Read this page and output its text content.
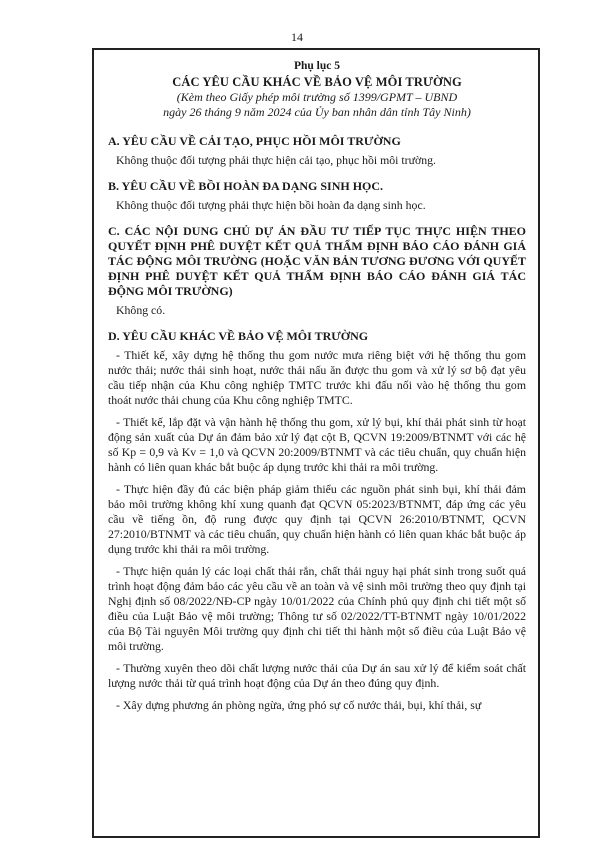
14
Phụ lục 5
CÁC YÊU CẦU KHÁC VỀ BẢO VỆ MÔI TRƯỜNG
(Kèm theo Giấy phép môi trường số 1399/GPMT – UBND
ngày 26 tháng 9 năm 2024 của Ủy ban nhân dân tỉnh Tây Ninh)
A. YÊU CẦU VỀ CẢI TẠO, PHỤC HỒI MÔI TRƯỜNG
Không thuộc đối tượng phải thực hiện cải tạo, phục hồi môi trường.
B. YÊU CẦU VỀ BỒI HOÀN ĐA DẠNG SINH HỌC.
Không thuộc đối tượng phải thực hiện bồi hoàn đa dạng sinh học.
C. CÁC NỘI DUNG CHỦ DỰ ÁN ĐẦU TƯ TIẾP TỤC THỰC HIỆN THEO QUYẾT ĐỊNH PHÊ DUYỆT KẾT QUẢ THẨM ĐỊNH BÁO CÁO ĐÁNH GIÁ TÁC ĐỘNG MÔI TRƯỜNG (HOẶC VĂN BẢN TƯƠNG ĐƯƠNG VỚI QUYẾT ĐỊNH PHÊ DUYỆT KẾT QUẢ THẨM ĐỊNH BÁO CÁO ĐÁNH GIÁ TÁC ĐỘNG MÔI TRƯỜNG)
Không có.
D. YÊU CẦU KHÁC VỀ BẢO VỆ MÔI TRƯỜNG
- Thiết kế, xây dựng hệ thống thu gom nước mưa riêng biệt với hệ thống thu gom nước thải; nước thải sinh hoạt, nước thải nấu ăn được thu gom và xử lý sơ bộ đạt yêu cầu tiếp nhận của Khu công nghiệp TMTC trước khi đấu nối vào hệ thống thu gom thoát nước thải chung của Khu công nghiệp TMTC.
- Thiết kế, lắp đặt và vận hành hệ thống thu gom, xử lý bụi, khí thải phát sinh từ hoạt động sản xuất của Dự án đảm bảo xử lý đạt cột B, QCVN 19:2009/BTNMT với các hệ số Kp = 0,9 và Kv = 1,0 và QCVN 20:2009/BTNMT và các tiêu chuẩn, quy chuẩn hiện hành có liên quan khác bắt buộc áp dụng trước khi thải ra môi trường.
- Thực hiện đầy đủ các biện pháp giảm thiểu các nguồn phát sinh bụi, khí thải đảm bảo môi trường không khí xung quanh đạt QCVN 05:2023/BTNMT, đáp ứng các yêu cầu về tiếng ồn, độ rung được quy định tại QCVN 26:2010/BTNMT, QCVN 27:2010/BTNMT và các tiêu chuẩn, quy chuẩn hiện hành có liên quan khác bắt buộc áp dụng trước khi thải ra môi trường.
- Thực hiện quản lý các loại chất thải rắn, chất thải nguy hại phát sinh trong suốt quá trình hoạt động đảm bảo các yêu cầu về an toàn và vệ sinh môi trường theo quy định tại Nghị định số 08/2022/NĐ-CP ngày 10/01/2022 của Chính phủ quy định chi tiết một số điều của Luật Bảo vệ môi trường; Thông tư số 02/2022/TT-BTNMT ngày 10/01/2022 của Bộ Tài nguyên Môi trường quy định chi tiết thi hành một số điều của Luật Bảo vệ môi trường.
- Thường xuyên theo dõi chất lượng nước thải của Dự án sau xử lý để kiểm soát chất lượng nước thải từ quá trình hoạt động của Dự án theo đúng quy định.
- Xây dựng phương án phòng ngừa, ứng phó sự cố nước thải, bụi, khí thải, sự
